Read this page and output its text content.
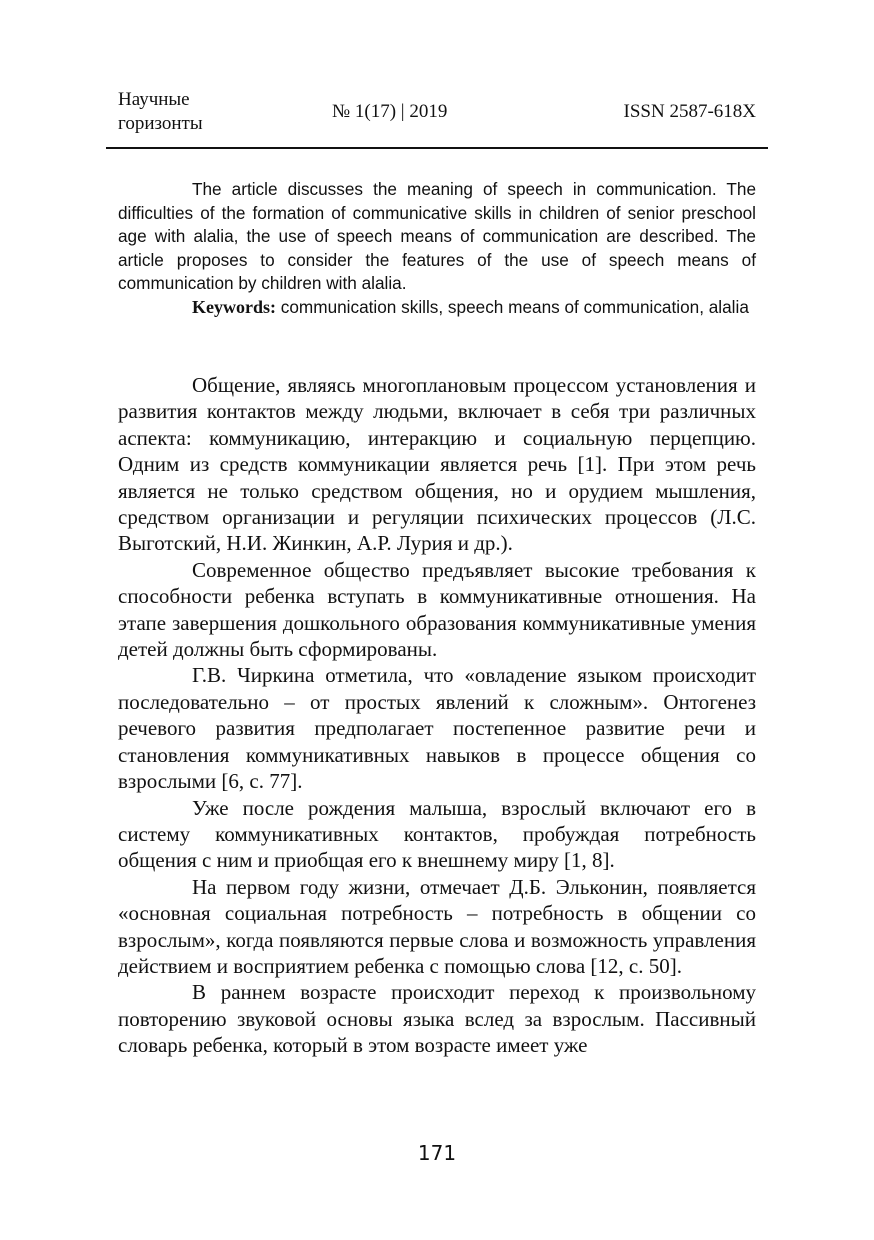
Научные горизонты
№ 1(17) | 2019	ISSN 2587-618X

The article discusses the meaning of speech in communication. The difficulties of the formation of communicative skills in children of senior preschool age with alalia, the use of speech means of communication are described. The article proposes to consider the features of the use of speech means of communication by children with alalia.

Keywords: communication skills, speech means of communication, alalia

Общение, являясь многоплановым процессом установления и развития контактов между людьми, включает в себя три различных аспекта: коммуникацию, интеракцию и социальную перцепцию. Одним из средств коммуникации является речь [1]. При этом речь является не только средством общения, но и орудием мышления, средством организации и регуляции психических процессов (Л.С. Выготский, Н.И. Жинкин, А.Р. Лурия и др.).

Современное общество предъявляет высокие требования к способности ребенка вступать в коммуникативные отношения. На этапе завершения дошкольного образования коммуникативные умения детей должны быть сформированы.

Г.В. Чиркина отметила, что «овладение языком происходит последовательно – от простых явлений к сложным». Онтогенез речевого развития предполагает постепенное развитие речи и становления коммуникативных навыков в процессе общения со взрослыми [6, с. 77].

Уже после рождения малыша, взрослый включают его в систему коммуникативных контактов, пробуждая потребность общения с ним и приобщая его к внешнему миру [1, 8].

На первом году жизни, отмечает Д.Б. Эльконин, появляется «основная социальная потребность – потребность в общении со взрослым», когда появляются первые слова и возможность управления действием и восприятием ребенка с помощью слова [12, с. 50].

В раннем возрасте происходит переход к произвольному повторению звуковой основы языка вслед за взрослым. Пассивный словарь ребенка, который в этом возрасте имеет уже

171
